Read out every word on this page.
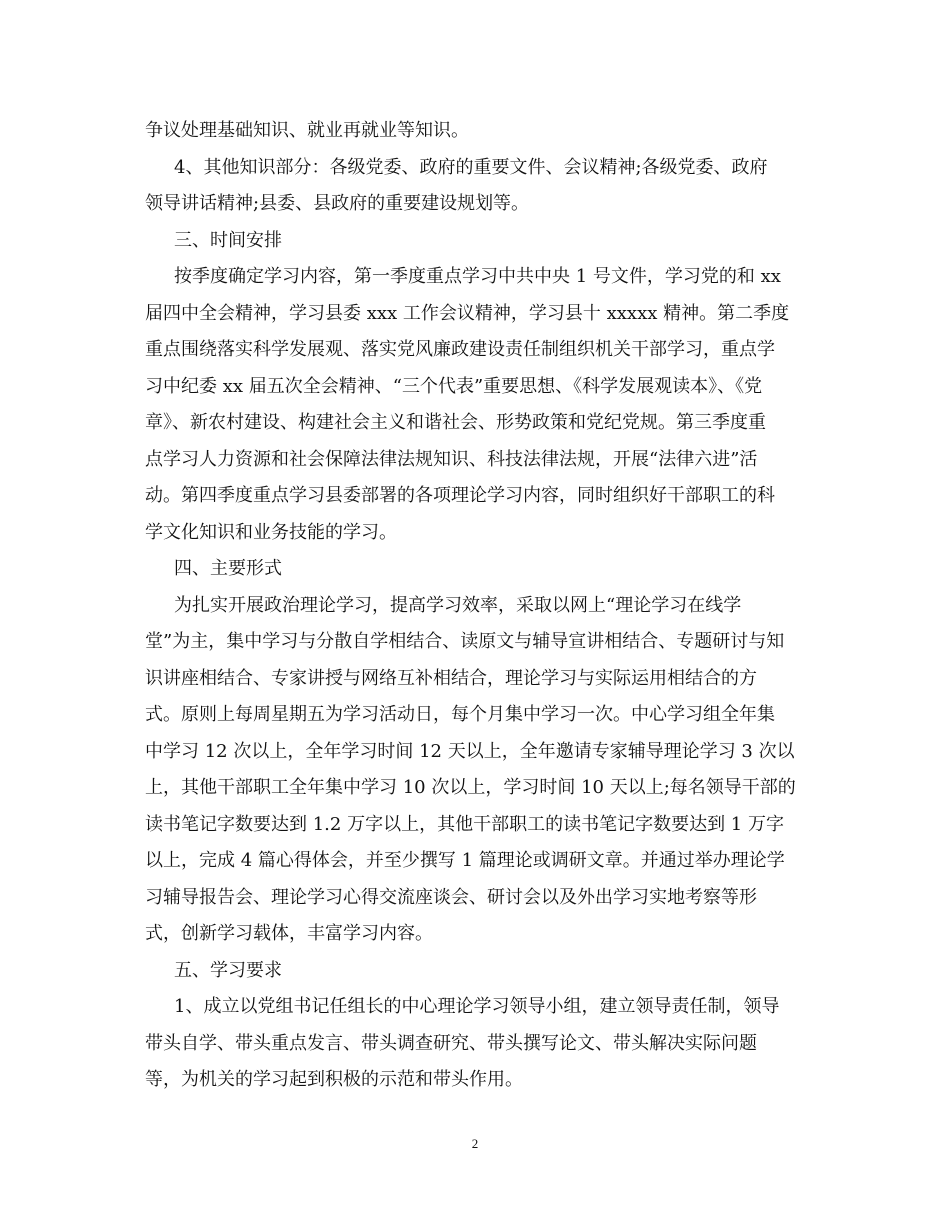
争议处理基础知识、就业再就业等知识。
4、其他知识部分：各级党委、政府的重要文件、会议精神;各级党委、政府
领导讲话精神;县委、县政府的重要建设规划等。
三、时间安排
按季度确定学习内容，第一季度重点学习中共中央 1 号文件，学习党的和 xx
届四中全会精神，学习县委 xxx 工作会议精神，学习县十 xxxxx 精神。第二季度
重点围绕落实科学发展观、落实党风廉政建设责任制组织机关干部学习，重点学
习中纪委 xx 届五次全会精神、“三个代表”重要思想、《科学发展观读本》、《党
章》、新农村建设、构建社会主义和谐社会、形势政策和党纪党规。第三季度重
点学习人力资源和社会保障法律法规知识、科技法律法规，开展“法律六进”活
动。第四季度重点学习县委部署的各项理论学习内容，同时组织好干部职工的科
学文化知识和业务技能的学习。
四、主要形式
为扎实开展政治理论学习，提高学习效率，采取以网上“理论学习在线学
堂”为主，集中学习与分散自学相结合、读原文与辅导宣讲相结合、专题研讨与知
识讲座相结合、专家讲授与网络互补相结合，理论学习与实际运用相结合的方
式。原则上每周星期五为学习活动日，每个月集中学习一次。中心学习组全年集
中学习 12 次以上，全年学习时间 12 天以上，全年邀请专家辅导理论学习 3 次以
上，其他干部职工全年集中学习 10 次以上，学习时间 10 天以上;每名领导干部的
读书笔记字数要达到 1.2 万字以上，其他干部职工的读书笔记字数要达到 1 万字
以上，完成 4 篇心得体会，并至少撰写 1 篇理论或调研文章。并通过举办理论学
习辅导报告会、理论学习心得交流座谈会、研讨会以及外出学习实地考察等形
式，创新学习载体，丰富学习内容。
五、学习要求
1、成立以党组书记任组长的中心理论学习领导小组，建立领导责任制，领导
带头自学、带头重点发言、带头调查研究、带头撰写论文、带头解决实际问题
等，为机关的学习起到积极的示范和带头作用。
2
